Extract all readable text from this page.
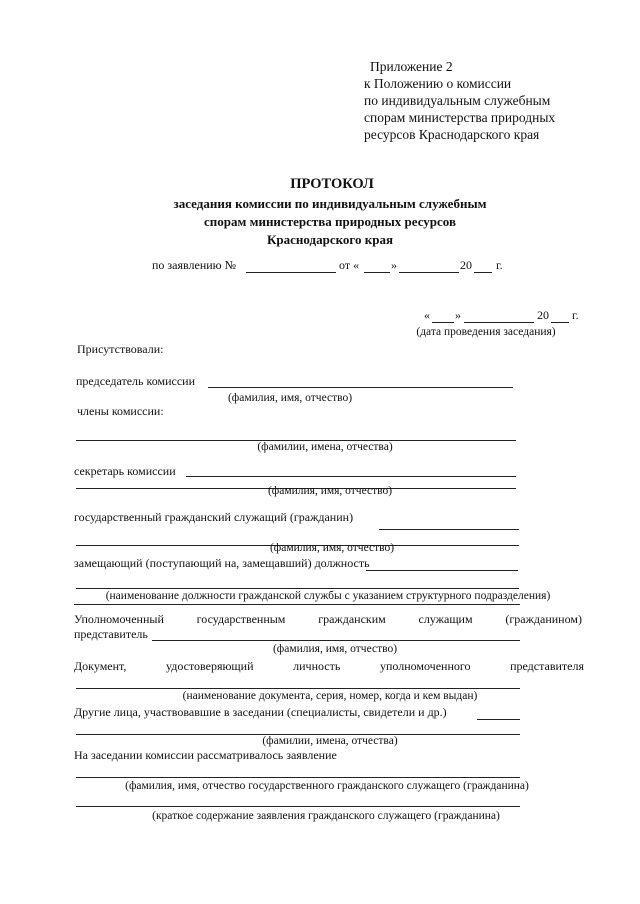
Приложение 2
к Положению о комиссии
по индивидуальным служебным
спорам министерства природных
ресурсов Краснодарского края
ПРОТОКОЛ
заседания комиссии по индивидуальным служебным
спорам министерства природных ресурсов
Краснодарского края
по заявлению №	от «	»	20 г.
« »	20 г.
(дата проведения заседания)
Присутствовали:
председатель комиссии
(фамилия, имя, отчество)
члены комиссии:
(фамилии, имена, отчества)
секретарь комиссии
(фамилия, имя, отчество)
государственный гражданский служащий (гражданин)
(фамилия, имя, отчество)
замещающий (поступающий на, замещавший) должность
(наименование должности гражданской службы с указанием структурного подразделения)
Уполномоченный	государственным	гражданским	служащим	(гражданином)
представитель
(фамилия, имя, отчество)
Документ,	удостоверяющий	личность	уполномоченного	представителя
(наименование документа, серия, номер, когда и кем выдан)
Другие лица, участвовавшие в заседании (специалисты, свидетели и др.)
(фамилии, имена, отчества)
На заседании комиссии рассматривалось заявление
(фамилия, имя, отчество государственного гражданского служащего (гражданина)
(краткое содержание заявления гражданского служащего (гражданина)
